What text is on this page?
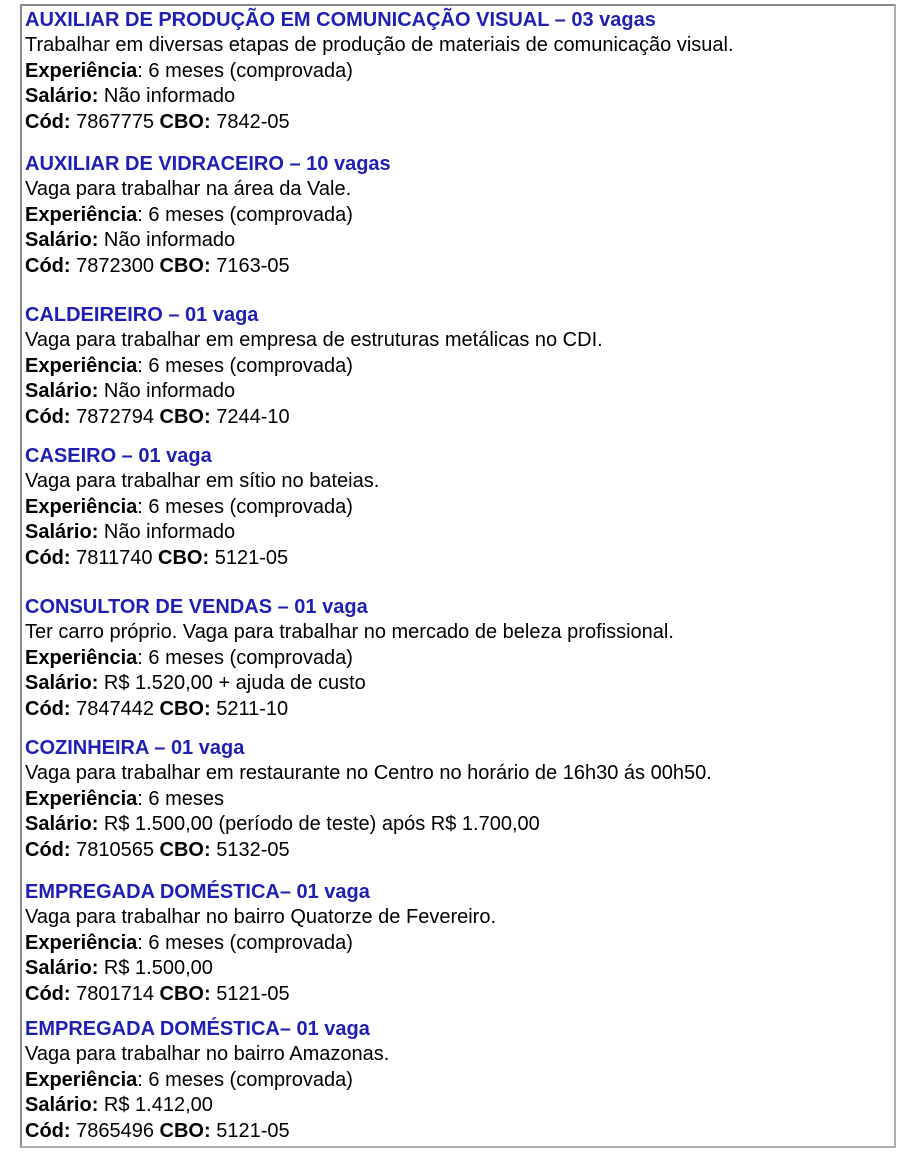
AUXILIAR DE PRODUÇÃO EM COMUNICAÇÃO VISUAL – 03 vagas
Trabalhar em diversas etapas de produção de materiais de comunicação visual.
Experiência: 6 meses (comprovada)
Salário: Não informado
Cód: 7867775 CBO: 7842-05
AUXILIAR DE VIDRACEIRO – 10 vagas
Vaga para trabalhar na área da Vale.
Experiência: 6 meses (comprovada)
Salário: Não informado
Cód: 7872300 CBO: 7163-05
CALDEIREIRO – 01 vaga
Vaga para trabalhar em empresa de estruturas metálicas no CDI.
Experiência: 6 meses (comprovada)
Salário: Não informado
Cód: 7872794 CBO: 7244-10
CASEIRO – 01 vaga
Vaga para trabalhar em sítio no bateias.
Experiência: 6 meses (comprovada)
Salário: Não informado
Cód: 7811740 CBO: 5121-05
CONSULTOR DE VENDAS – 01 vaga
Ter carro próprio. Vaga para trabalhar no mercado de beleza profissional.
Experiência: 6 meses (comprovada)
Salário: R$ 1.520,00 + ajuda de custo
Cód: 7847442 CBO: 5211-10
COZINHEIRA – 01 vaga
Vaga para trabalhar em restaurante no Centro no horário de 16h30 ás 00h50.
Experiência: 6 meses
Salário: R$ 1.500,00 (período de teste) após R$ 1.700,00
Cód: 7810565 CBO: 5132-05
EMPREGADA DOMÉSTICA– 01 vaga
Vaga para trabalhar no bairro Quatorze de Fevereiro.
Experiência: 6 meses (comprovada)
Salário: R$ 1.500,00
Cód: 7801714 CBO: 5121-05
EMPREGADA DOMÉSTICA– 01 vaga
Vaga para trabalhar no bairro Amazonas.
Experiência: 6 meses (comprovada)
Salário: R$ 1.412,00
Cód: 7865496 CBO: 5121-05
